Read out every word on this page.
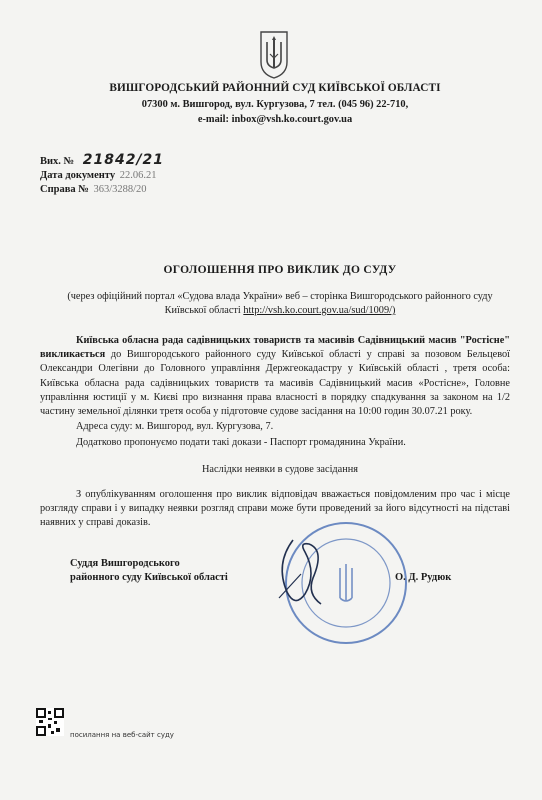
ВИШГОРОДСЬКИЙ РАЙОННИЙ СУД КИЇВСЬКОЇ ОБЛАСТІ
07300 м. Вишгород, вул. Кургузова, 7 тел. (045 96) 22-710,
e-mail: inbox@vsh.ko.court.gov.ua
Вих. № 21842/21
Дата документу 22.06.21
Справа № 363/3288/20
ОГОЛОШЕННЯ ПРО ВИКЛИК ДО СУДУ
(через офіційний портал «Судова влада України» веб – сторінка Вишгородського районного суду
Київської області http://vsh.ko.court.gov.ua/sud/1009/)
Київська обласна рада садівницьких товариств та масивів Садівницький масив "Ростісне" викликається до Вишгородського районного суду Київської області у справі за позовом Бельцевої Олександри Олегівни до Головного управління Держгеокадастру у Київській області , третя особа: Київська обласна рада садівницьких товариств та масивів Садівницький масив «Ростісне», Головне управління юстиції у м. Києві про визнання права власності в порядку спадкування за законом на 1/2 частину земельної ділянки третя особа у підготовче судове засідання на 10:00 годин 30.07.21 року.
Адреса суду: м. Вишгород, вул. Кургузова, 7.
Додатково пропонуємо подати такі докази - Паспорт громадянина України.
Наслідки неявки в судове засідання
З опублікуванням оголошення про виклик відповідач вважається повідомленим про час і місце розгляду справи і у випадку неявки розгляд справи може бути проведений за його відсутності на підставі наявних у справі доказів.
Суддя Вишгородського
районного суду Київської області	О. Д. Рудюк
посилання на веб-сайт суду
